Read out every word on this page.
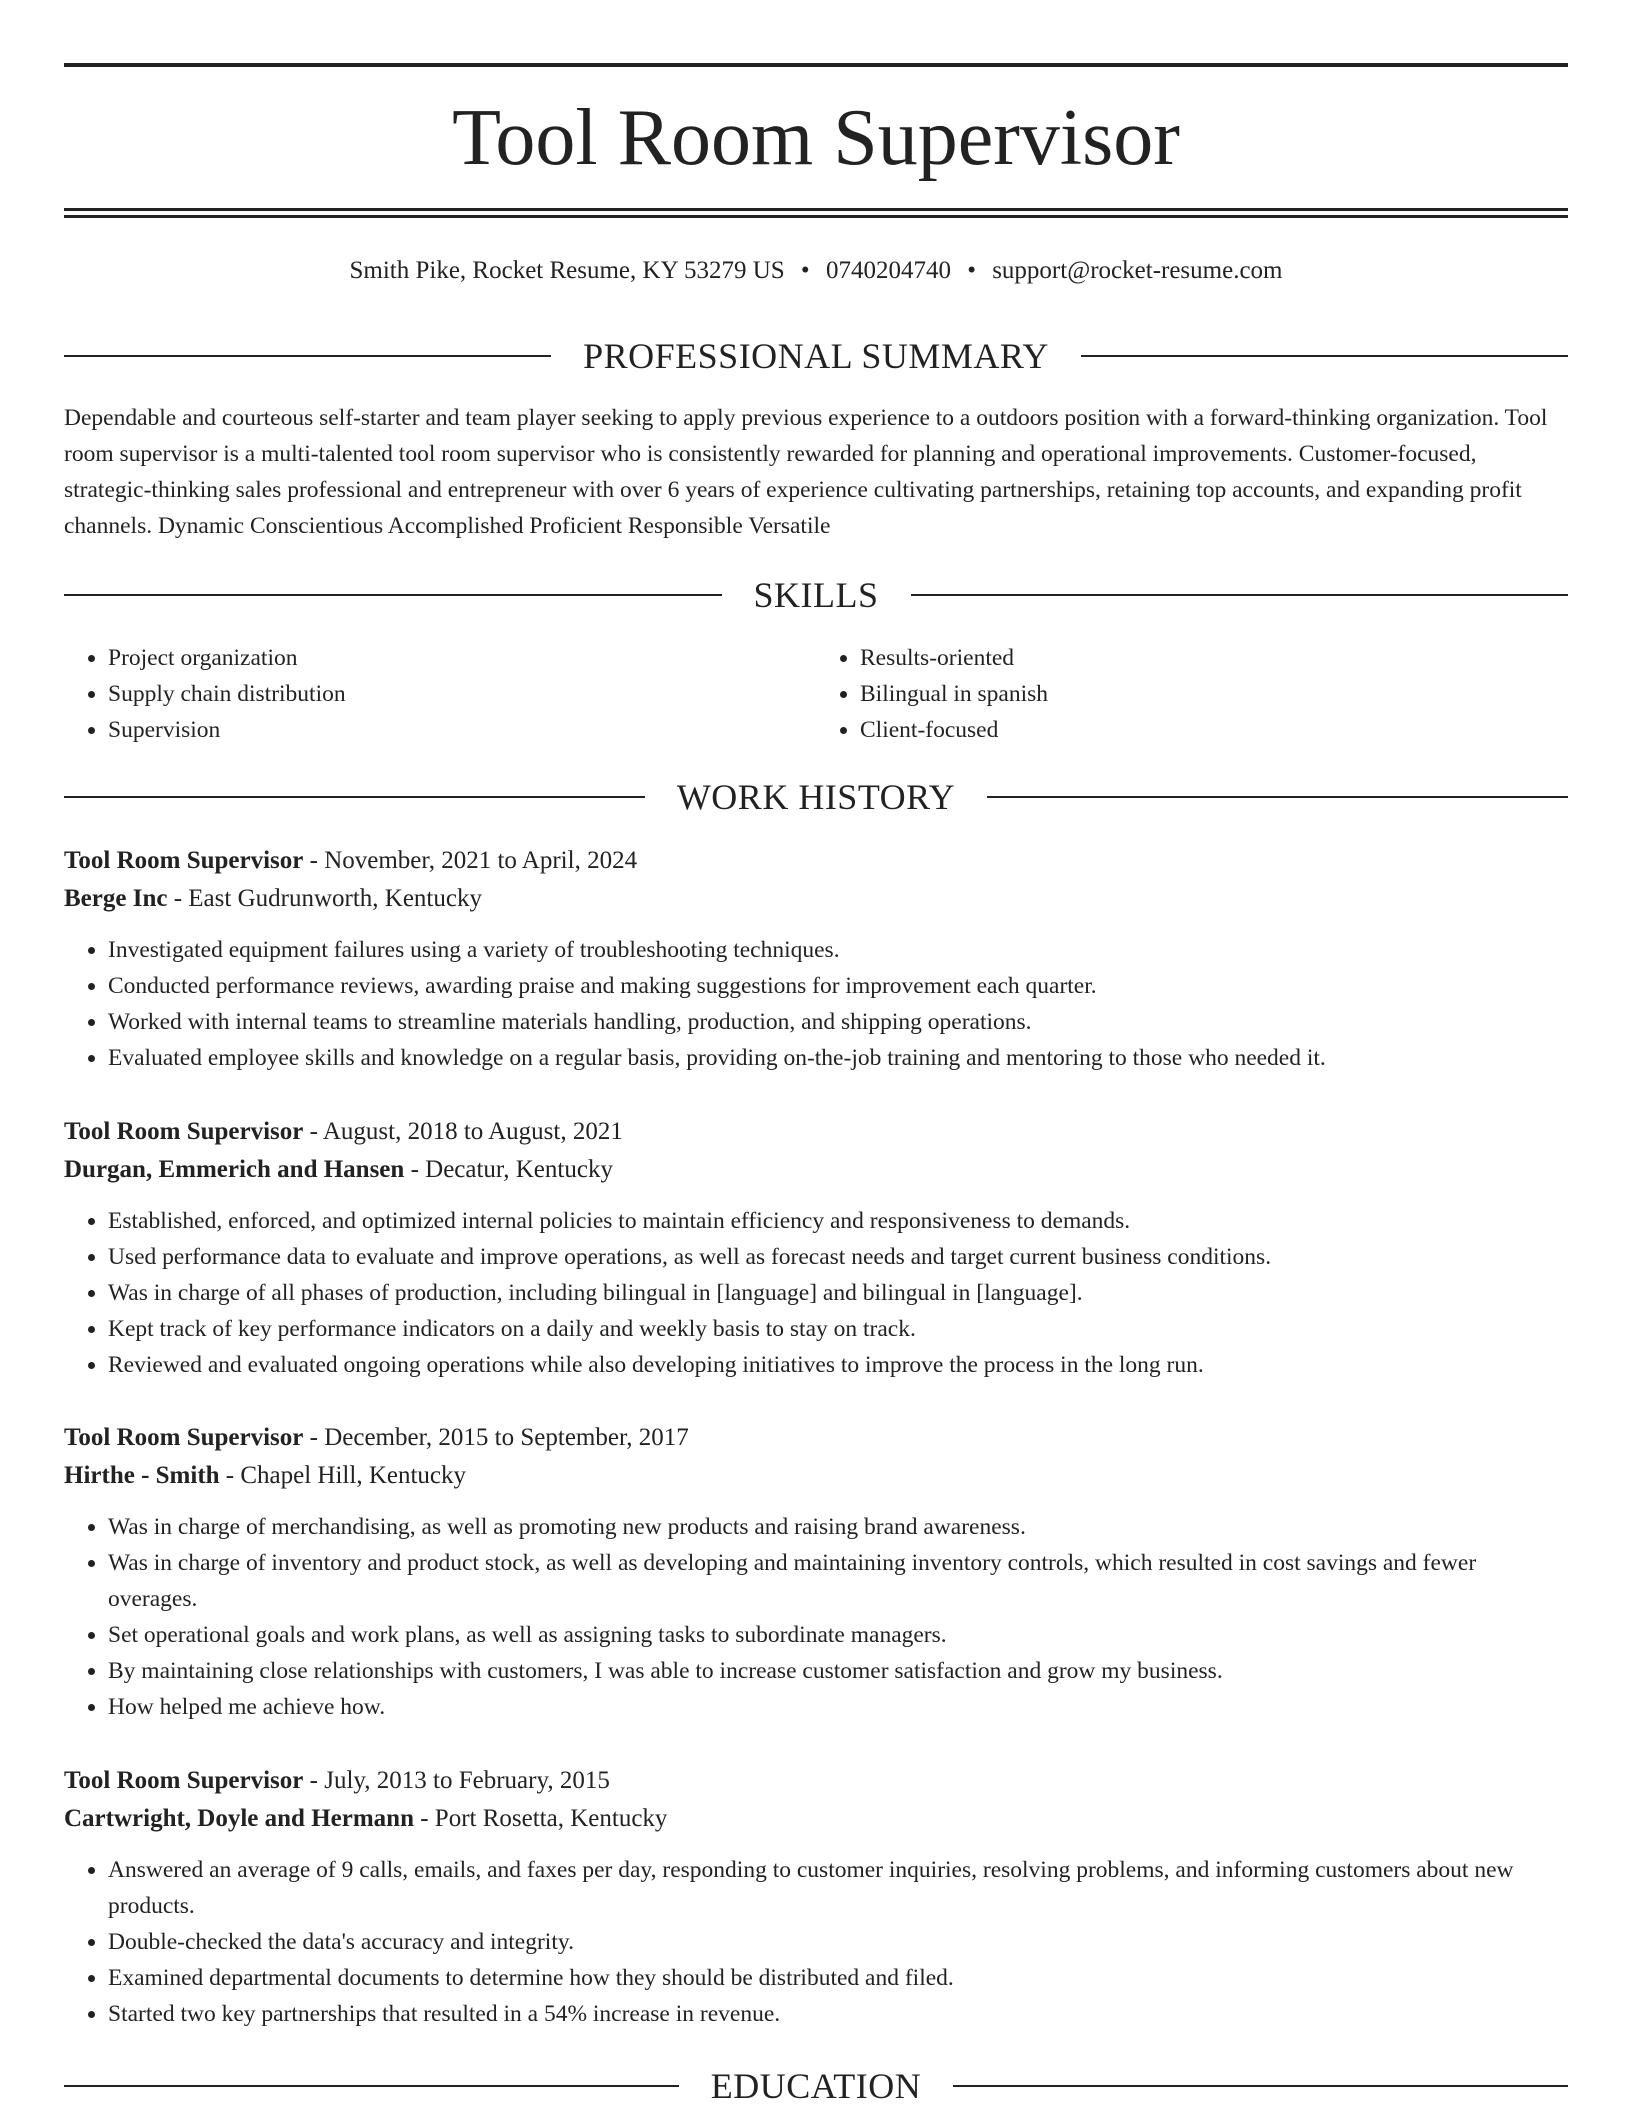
Tool Room Supervisor
Smith Pike, Rocket Resume, KY 53279 US • 0740204740 • support@rocket-resume.com
PROFESSIONAL SUMMARY

Dependable and courteous self-starter and team player seeking to apply previous experience to a outdoors position with a forward-thinking organization. Tool room supervisor is a multi-talented tool room supervisor who is consistently rewarded for planning and operational improvements. Customer-focused, strategic-thinking sales professional and entrepreneur with over 6 years of experience cultivating partnerships, retaining top accounts, and expanding profit channels. Dynamic Conscientious Accomplished Proficient Responsible Versatile

SKILLS
• Project organization
• Supply chain distribution
• Supervision
• Results-oriented
• Bilingual in spanish
• Client-focused
WORK HISTORY
Tool Room Supervisor - November, 2021 to April, 2024
Berge Inc - East Gudrunworth, Kentucky
• Investigated equipment failures using a variety of troubleshooting techniques.
• Conducted performance reviews, awarding praise and making suggestions for improvement each quarter.
• Worked with internal teams to streamline materials handling, production, and shipping operations.
• Evaluated employee skills and knowledge on a regular basis, providing on-the-job training and mentoring to those who needed it.
Tool Room Supervisor - August, 2018 to August, 2021
Durgan, Emmerich and Hansen - Decatur, Kentucky
• Established, enforced, and optimized internal policies to maintain efficiency and responsiveness to demands.
• Used performance data to evaluate and improve operations, as well as forecast needs and target current business conditions.
• Was in charge of all phases of production, including bilingual in [language] and bilingual in [language].
• Kept track of key performance indicators on a daily and weekly basis to stay on track.
• Reviewed and evaluated ongoing operations while also developing initiatives to improve the process in the long run.
Tool Room Supervisor - December, 2015 to September, 2017
Hirthe - Smith - Chapel Hill, Kentucky
• Was in charge of merchandising, as well as promoting new products and raising brand awareness.
• Was in charge of inventory and product stock, as well as developing and maintaining inventory controls, which resulted in cost savings and fewer overages.
• Set operational goals and work plans, as well as assigning tasks to subordinate managers.
• By maintaining close relationships with customers, I was able to increase customer satisfaction and grow my business.
• How helped me achieve how.
Tool Room Supervisor - July, 2013 to February, 2015
Cartwright, Doyle and Hermann - Port Rosetta, Kentucky
• Answered an average of 9 calls, emails, and faxes per day, responding to customer inquiries, resolving problems, and informing customers about new products.
• Double-checked the data's accuracy and integrity.
• Examined departmental documents to determine how they should be distributed and filed.
• Started two key partnerships that resulted in a 54% increase in revenue.
EDUCATION
